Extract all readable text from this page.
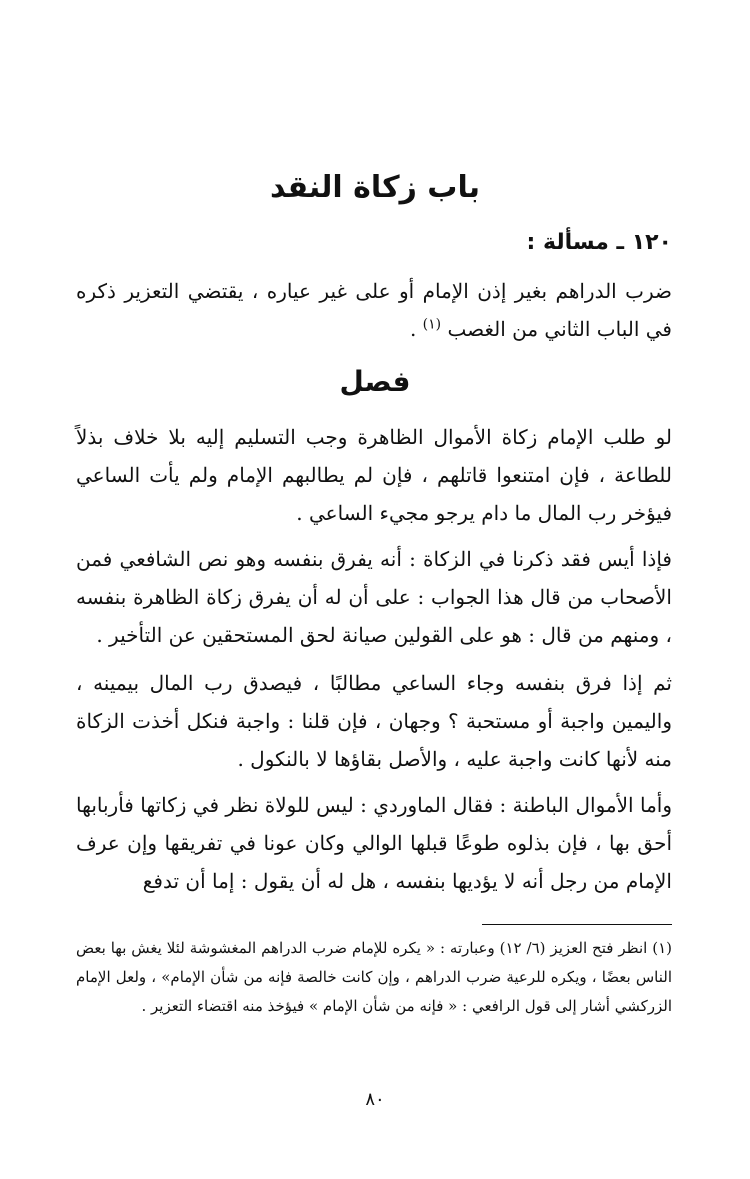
باب زكاة النقد
١٢٠ ـ مسألة :

ضرب الدراهم بغير إذن الإمام أو على غير عياره ، يقتضي التعزير ذكره في الباب الثاني من الغصب $^{(١)}$ .

فصل

لو طلب الإمام زكاة الأموال الظاهرة وجب التسليم إليه بلا خلاف بذلاً للطاعة ، فإن امتنعوا قاتلهم ، فإن لم يطالبهم الإمام ولم يأت الساعي فيؤخر رب المال ما دام يرجو مجيء الساعي .

فإذا أيس فقد ذكرنا في الزكاة : أنه يفرق بنفسه وهو نص الشافعي فمن الأصحاب من قال هذا الجواب : على أن له أن يفرق زكاة الظاهرة بنفسه ، ومنهم من قال : هو على القولين صيانة لحق المستحقين عن التأخير .

ثم إذا فرق بنفسه وجاء الساعي مطالبًا ، فيصدق رب المال بيمينه ، واليمين واجبة أو مستحبة ؟ وجهان ، فإن قلنا : واجبة فنكل أخذت الزكاة منه لأنها كانت واجبة عليه ، والأصل بقاؤها لا بالنكول .

وأما الأموال الباطنة : فقال الماوردي : ليس للولاة نظر في زكاتها فأربابها أحق بها ، فإن بذلوه طوعًا قبلها الوالي وكان عونا في تفريقها وإن عرف الإمام من رجل أنه لا يؤديها بنفسه ، هل له أن يقول : إما أن تدفع

(١) انظر فتح العزيز (٦/ ١٢) وعبارته : « يكره للإمام ضرب الدراهم المغشوشة لئلا يغش بها بعض الناس بعضًا ، ويكره للرعية ضرب الدراهم ، وإن كانت خالصة فإنه من شأن الإمام» ، ولعل الإمام الزركشي أشار إلى قول الرافعي : « فإنه من شأن الإمام » فيؤخذ منه اقتضاء التعزير .

٨٠
